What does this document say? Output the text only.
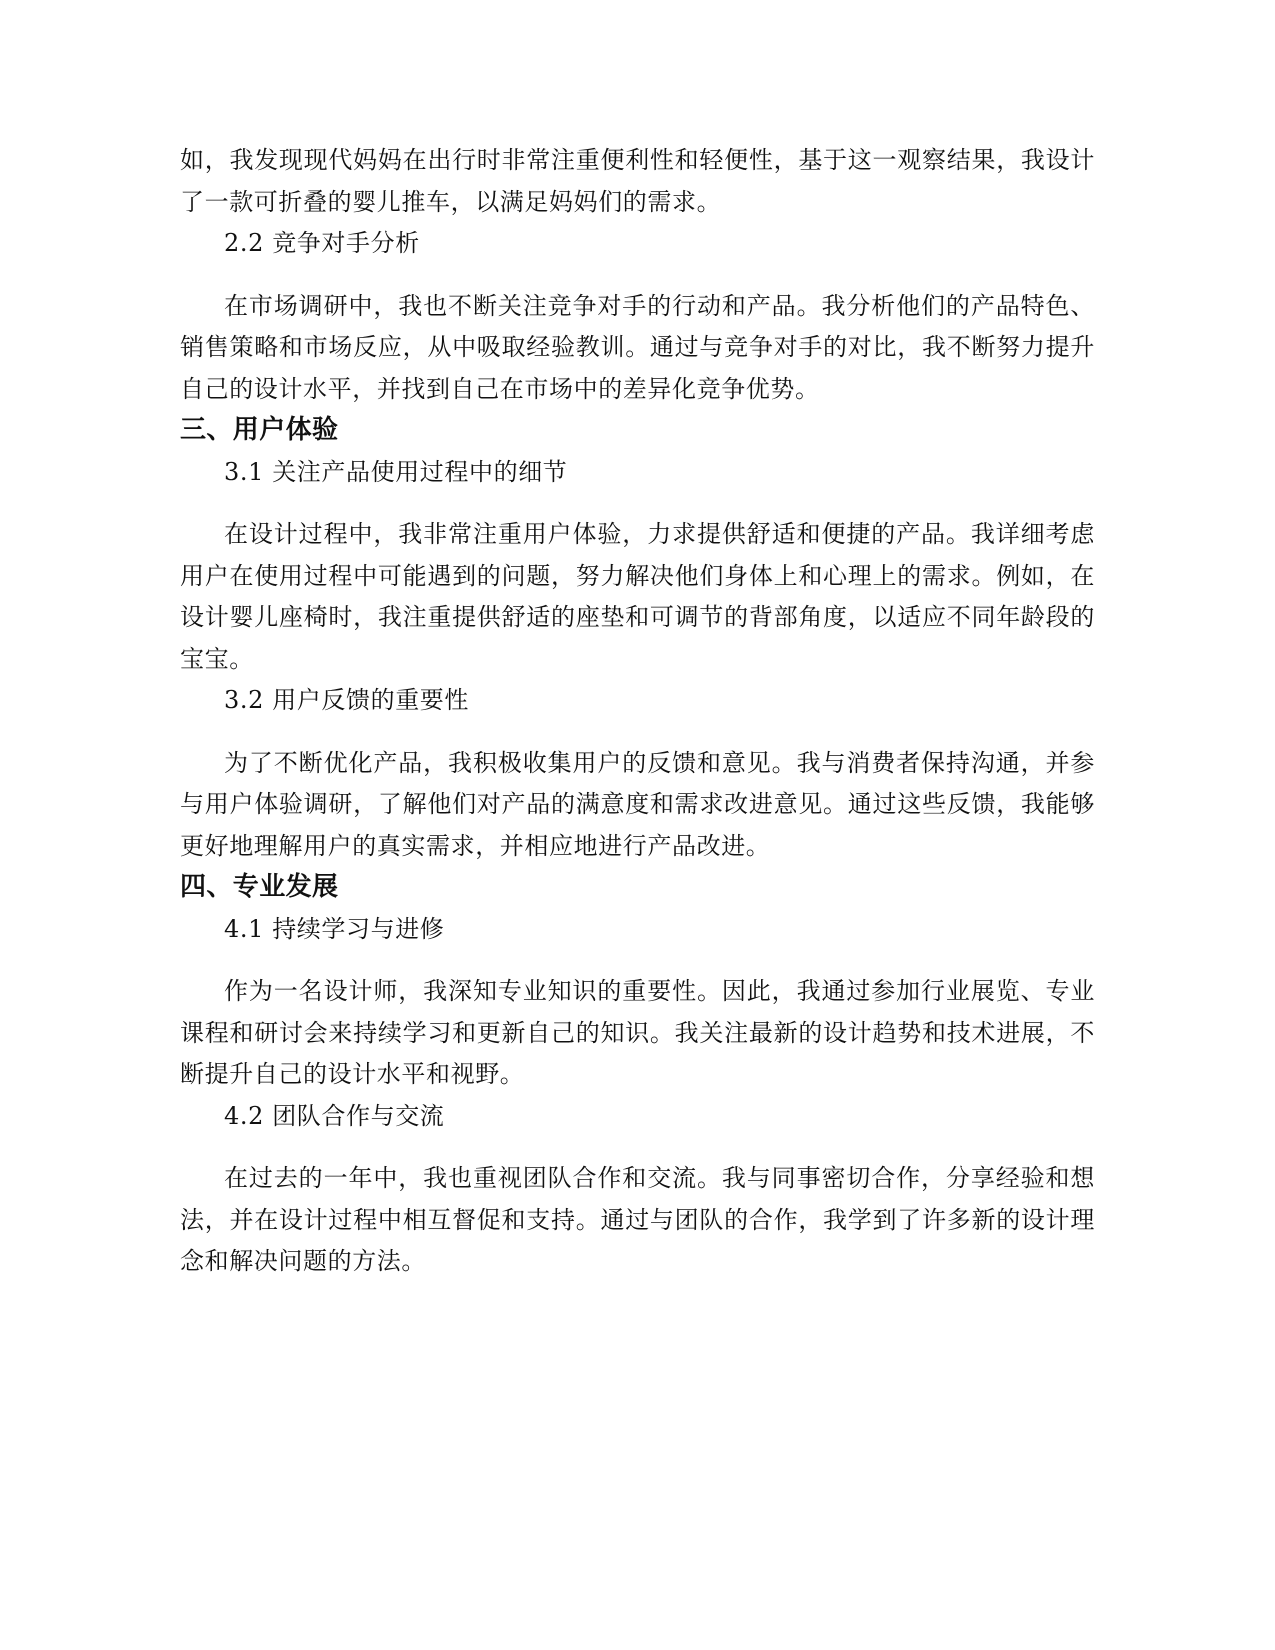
如，我发现现代妈妈在出行时非常注重便利性和轻便性，基于这一观察结果，我设计了一款可折叠的婴儿推车，以满足妈妈们的需求。

2.2 竞争对手分析

在市场调研中，我也不断关注竞争对手的行动和产品。我分析他们的产品特色、销售策略和市场反应，从中吸取经验教训。通过与竞争对手的对比，我不断努力提升自己的设计水平，并找到自己在市场中的差异化竞争优势。

三、用户体验

3.1 关注产品使用过程中的细节

在设计过程中，我非常注重用户体验，力求提供舒适和便捷的产品。我详细考虑用户在使用过程中可能遇到的问题，努力解决他们身体上和心理上的需求。例如，在设计婴儿座椅时，我注重提供舒适的座垫和可调节的背部角度，以适应不同年龄段的宝宝。

3.2 用户反馈的重要性

为了不断优化产品，我积极收集用户的反馈和意见。我与消费者保持沟通，并参与用户体验调研，了解他们对产品的满意度和需求改进意见。通过这些反馈，我能够更好地理解用户的真实需求，并相应地进行产品改进。

四、专业发展

4.1 持续学习与进修

作为一名设计师，我深知专业知识的重要性。因此，我通过参加行业展览、专业课程和研讨会来持续学习和更新自己的知识。我关注最新的设计趋势和技术进展，不断提升自己的设计水平和视野。

4.2 团队合作与交流

在过去的一年中，我也重视团队合作和交流。我与同事密切合作，分享经验和想法，并在设计过程中相互督促和支持。通过与团队的合作，我学到了许多新的设计理念和解决问题的方法。
